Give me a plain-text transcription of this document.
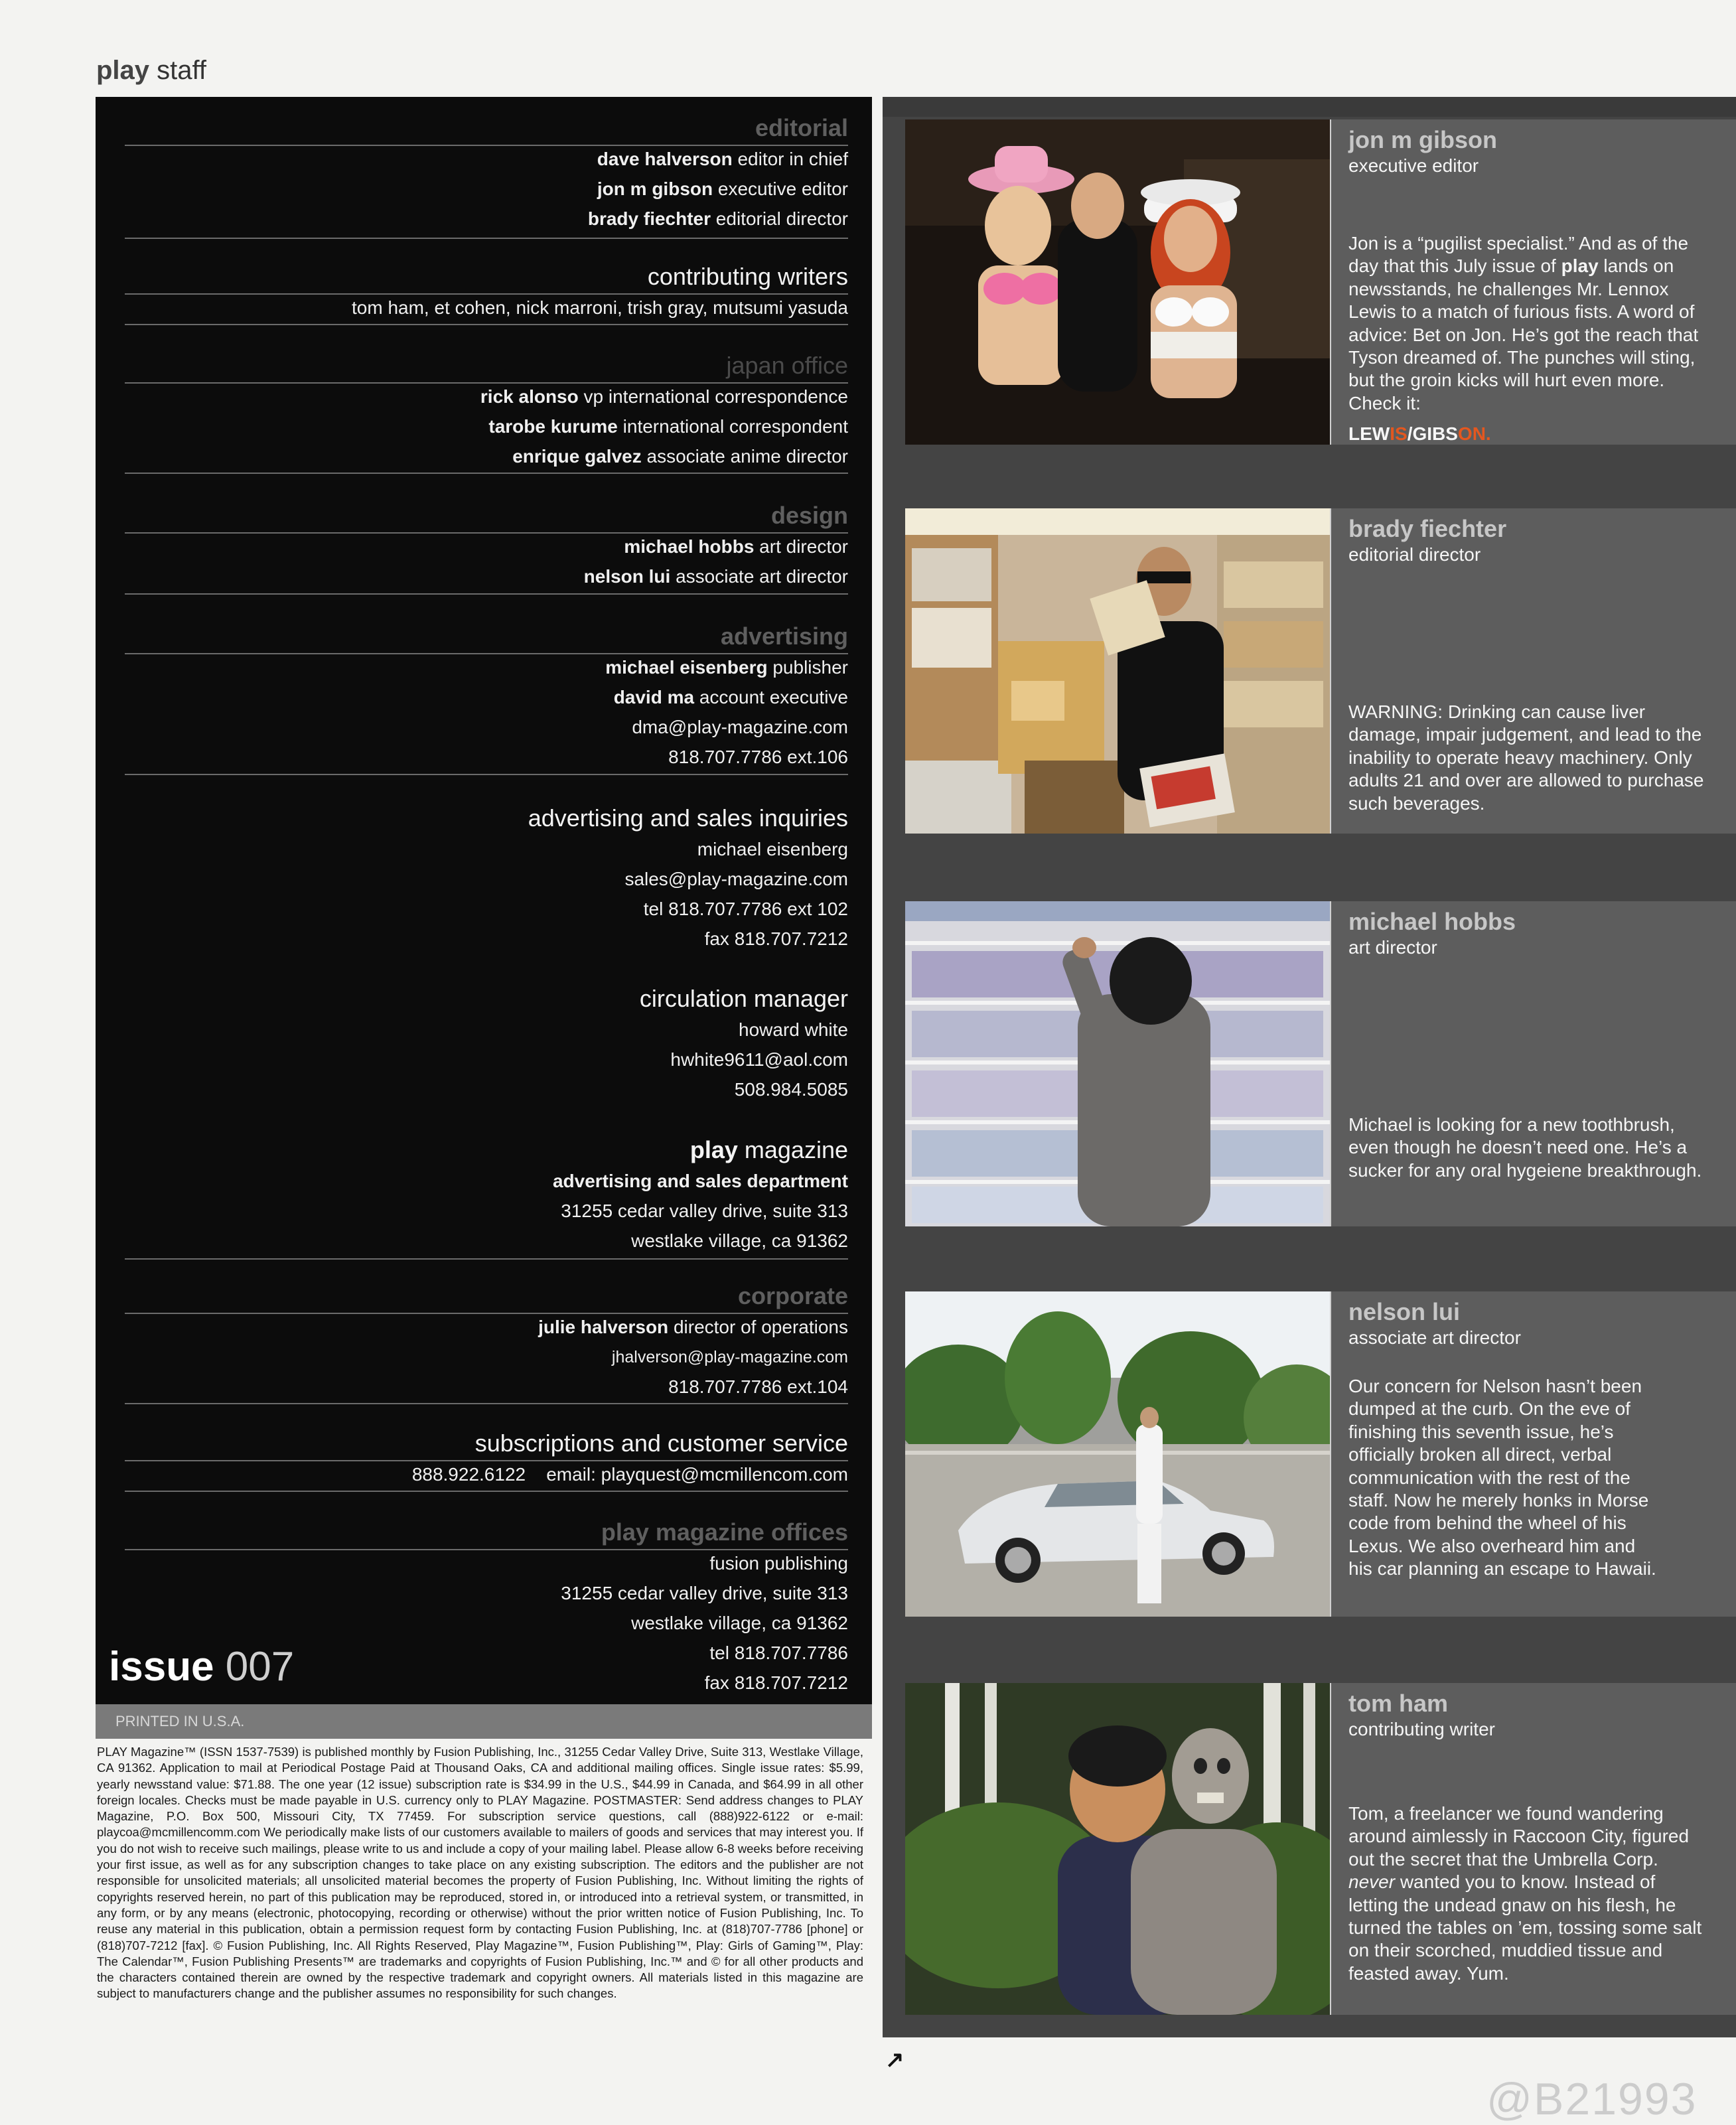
play staff
editorial
dave halverson editor in chief
jon m gibson executive editor
brady fiechter editorial director
contributing writers
tom ham, et cohen, nick marroni, trish gray, mutsumi yasuda
japan office
rick alonso vp international correspondence
tarobe kurume international correspondent
enrique galvez associate anime director
design
michael hobbs art director
nelson lui associate art director
advertising
michael eisenberg publisher
david ma account executive
dma@play-magazine.com
818.707.7786 ext.106
advertising and sales inquiries
michael eisenberg
sales@play-magazine.com
tel 818.707.7786 ext 102
fax 818.707.7212
circulation manager
howard white
hwhite9611@aol.com
508.984.5085
play magazine
advertising and sales department
31255 cedar valley drive, suite 313
westlake village, ca 91362
corporate
julie halverson director of operations
jhalverson@play-magazine.com
818.707.7786 ext.104
subscriptions and customer service
888.922.6122    email: playquest@mcmillencom.com
play magazine offices
fusion publishing
31255 cedar valley drive, suite 313
westlake village, ca 91362
tel 818.707.7786
fax 818.707.7212
issue 007
PRINTED IN U.S.A.
PLAY Magazine™ (ISSN 1537-7539) is published monthly by Fusion Publishing, Inc., 31255 Cedar Valley Drive, Suite 313, Westlake Village, CA 91362. Application to mail at Periodical Postage Paid at Thousand Oaks, CA and additional mailing offices. Single issue rates: $5.99, yearly newsstand value: $71.88. The one year (12 issue) subscription rate is $34.99 in the U.S., $44.99 in Canada, and $64.99 in all other foreign locales. Checks must be made payable in U.S. currency only to PLAY Magazine. POSTMASTER: Send address changes to PLAY Magazine, P.O. Box 500, Missouri City, TX 77459. For subscription service questions, call (888)922-6122 or e-mail: playcoa@mcmillencomm.com We periodically make lists of our customers available to mailers of goods and services that may interest you. If you do not wish to receive such mailings, please write to us and include a copy of your mailing label. Please allow 6-8 weeks before receiving your first issue, as well as for any subscription changes to take place on any existing subscription. The editors and the publisher are not responsible for unsolicited materials; all unsolicited material becomes the property of Fusion Publishing, Inc. Without limiting the rights of copyrights reserved herein, no part of this publication may be reproduced, stored in, or introduced into a retrieval system, or transmitted, in any form, or by any means (electronic, photocopying, recording or otherwise) without the prior written notice of Fusion Publishing, Inc. To reuse any material in this publication, obtain a permission request form by contacting Fusion Publishing, Inc. at (818)707-7786 [phone] or (818)707-7212 [fax]. © Fusion Publishing, Inc. All Rights Reserved, Play Magazine™, Fusion Publishing™, Play: Girls of Gaming™, Play: The Calendar™, Fusion Publishing Presents™ are trademarks and copyrights of Fusion Publishing, Inc.™ and © for all other products and the characters contained therein are owned by the respective trademark and copyright owners. All materials listed in this magazine are subject to manufacturers change and the publisher assumes no responsibility for such changes.
jon m gibson
executive editor
Jon is a “pugilist specialist.” And as of the day that this July issue of play lands on newsstands, he challenges Mr. Lennox Lewis to a match of furious fists. A word of advice: Bet on Jon. He’s got the reach that Tyson dreamed of. The punches will sting, but the groin kicks will hurt even more. Check it:
LEWIS/GIBSON.
brady fiechter
editorial director
WARNING: Drinking can cause liver damage, impair judgement, and lead to the inability to operate heavy machinery. Only adults 21 and over are allowed to purchase such beverages.
michael hobbs
art director
Michael is looking for a new toothbrush, even though he doesn’t need one. He’s a sucker for any oral hygeiene breakthrough.
nelson lui
associate art director
Our concern for Nelson hasn’t been dumped at the curb. On the eve of finishing this seventh issue, he’s officially broken all direct, verbal communication with the rest of the staff. Now he merely honks in Morse code from behind the wheel of his Lexus. We also overheard him and his car planning an escape to Hawaii.
tom ham
contributing writer
Tom, a freelancer we found wandering around aimlessly in Raccoon City, figured out the secret that the Umbrella Corp. never wanted you to know. Instead of letting the undead gnaw on his flesh, he turned the tables on ’em, tossing some salt on their scorched, muddied tissue and feasted away. Yum.
↗
@B21993
